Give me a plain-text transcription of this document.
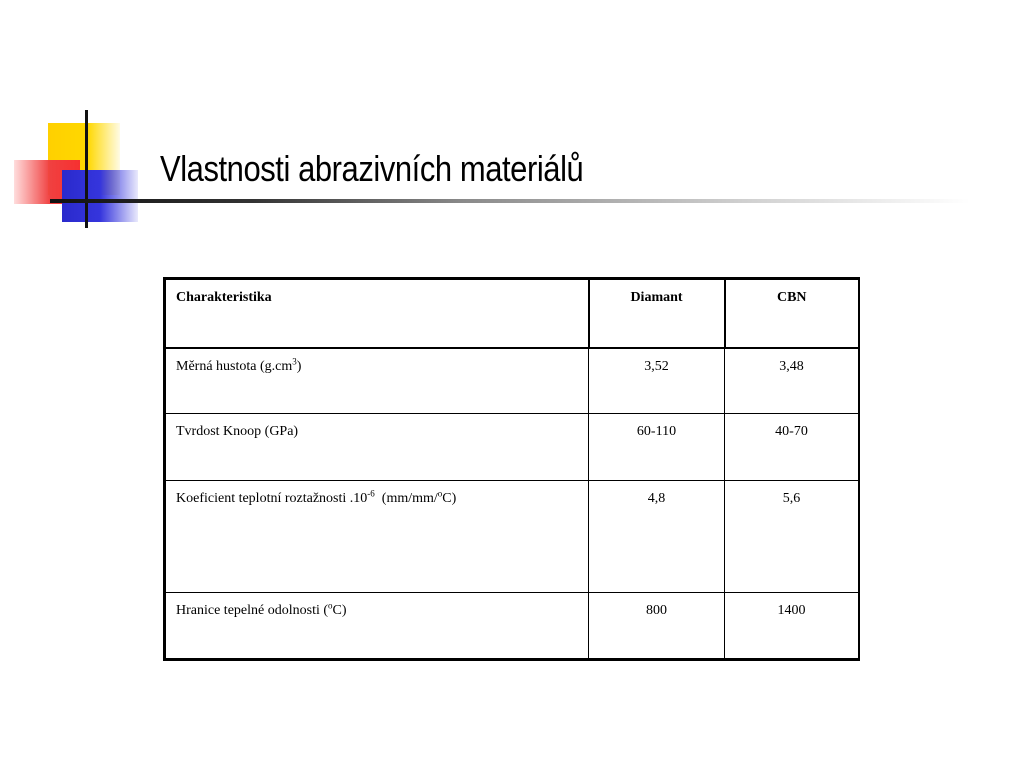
Vlastnosti abrazivních materiálů
Charakteristika	Diamant	CBN
Měrná hustota $(g.cm^3)$	3,52	3,48
Tvrdost Knoop (GPa)	60-110	40-70
Koeficient teplotní roztažnosti $.10^{-6}$  (mm/mm/$^o$C)	4,8	5,6
Hranice tepelné odolnosti ($^o$C)	800	1400
